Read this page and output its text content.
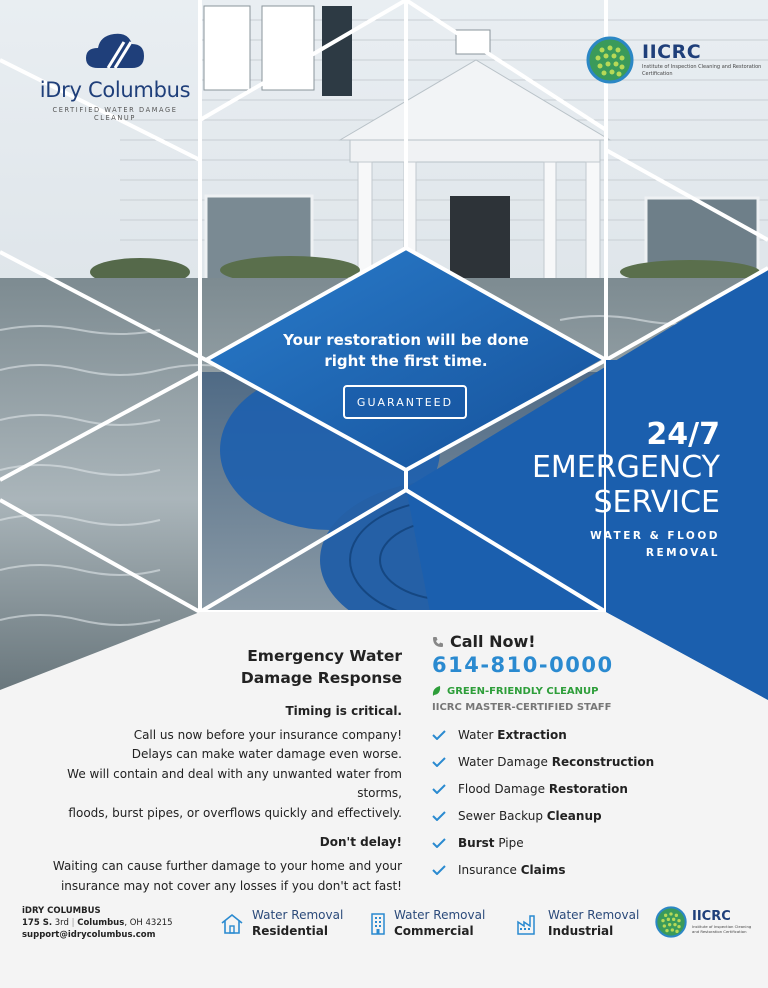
iDry Columbus
CERTIFIED WATER DAMAGE CLEANUP
IICRC
Institute of Inspection Cleaning and Restoration Certification
Your restoration will be done
right the first time.
GUARANTEED
24/7
EMERGENCY
SERVICE
WATER & FLOOD
REMOVAL
Emergency Water
Damage Response
Timing is critical.
Call us now before your insurance company!
Delays can make water damage even worse.
We will contain and deal with any unwanted water from storms,
floods, burst pipes, or overflows quickly and effectively.
Don't delay!
Waiting can cause further damage to your home and your
insurance may not cover any losses if you don't act fast!
Call Now!
614-810-0000
GREEN-FRIENDLY CLEANUP
IICRC MASTER-CERTIFIED STAFF
Water Extraction
Water Damage Reconstruction
Flood Damage Restoration
Sewer Backup Cleanup
Burst Pipe
Insurance Claims
iDRY COLUMBUS
175 S. 3rd | Columbus, OH 43215
support@idrycolumbus.com
Water Removal
Residential
Water Removal
Commercial
Water Removal
Industrial
IICRC
Institute of Inspection Cleaning and Restoration Certification
